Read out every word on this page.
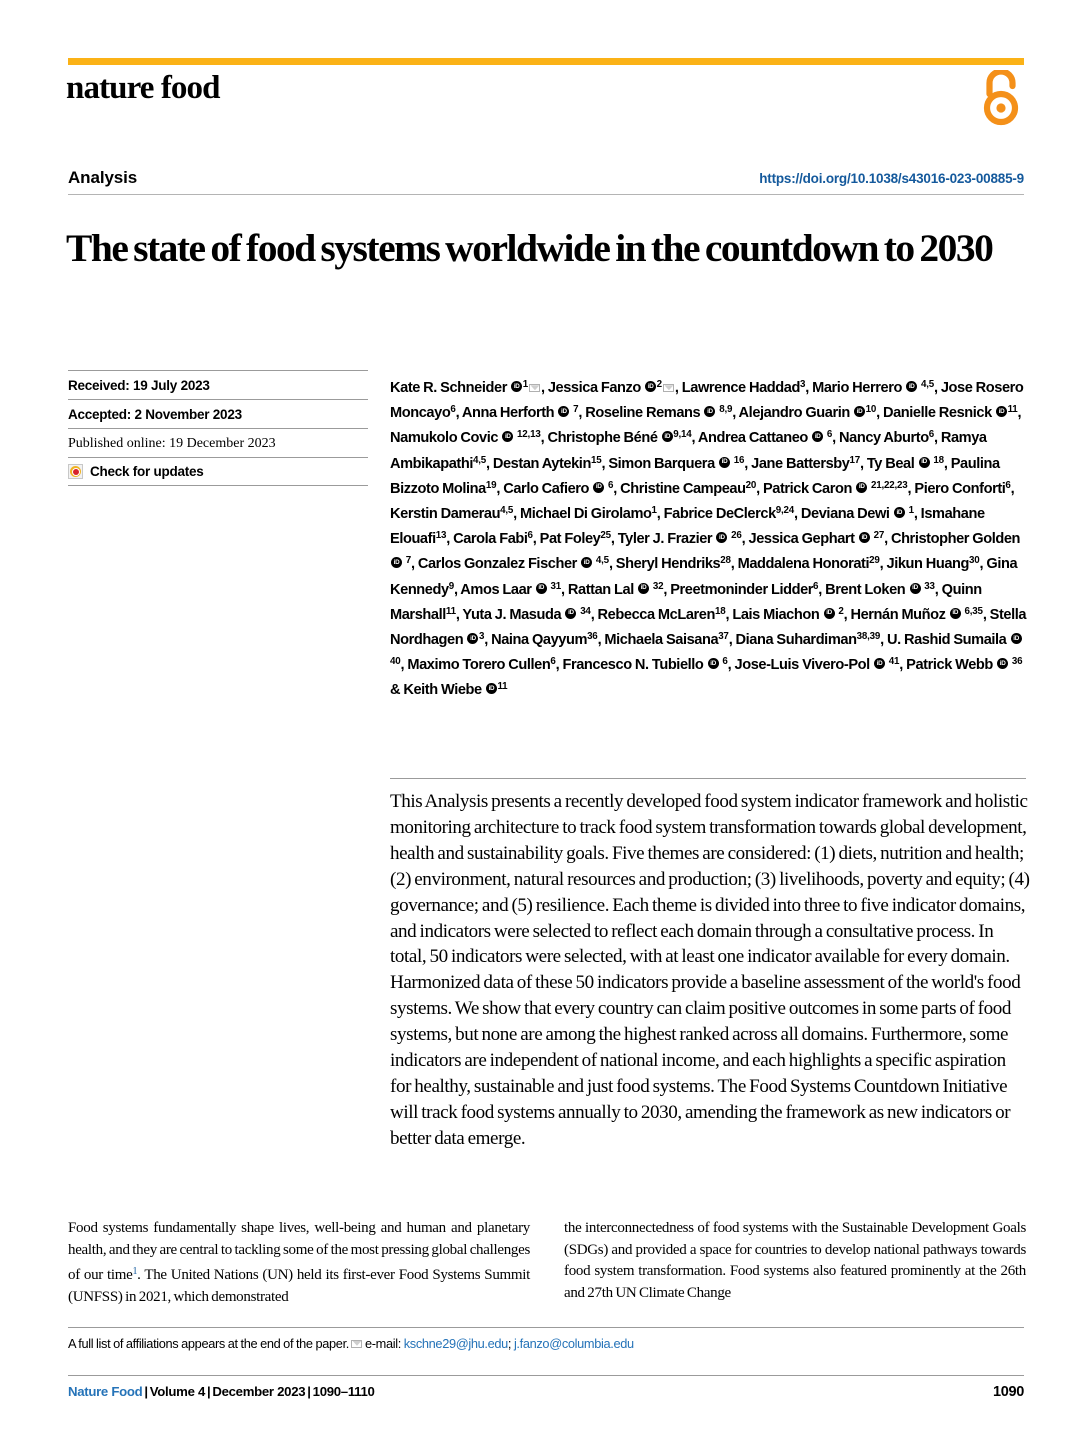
nature food
Analysis	https://doi.org/10.1038/s43016-023-00885-9
The state of food systems worldwide in the countdown to 2030
Received: 19 July 2023
Accepted: 2 November 2023
Published online: 19 December 2023
Check for updates
Kate R. Schneider $iD^1$ , Jessica Fanzo $iD^2$ , Lawrence Haddad$^3$, Mario Herrero iD $^{4,5}$, Jose Rosero Moncayo$^6$, Anna Herforth iD $^7$, Roseline Remans iD $^{8,9}$, Alejandro Guarin $iD^{10}$, Danielle Resnick $iD^{11}$, Namukolo Covic iD $^{12,13}$, Christophe Béné iD$^{9,14}$, Andrea Cattaneo iD $^6$, Nancy Aburto$^6$, Ramya Ambikapathi$^{4,5}$, Destan Aytekin$^{15}$, Simon Barquera iD $^{16}$, Jane Battersby$^{17}$, Ty Beal iD $^{18}$, Paulina Bizzoto Molina$^{19}$, Carlo Cafiero iD $^6$, Christine Campeau$^{20}$, Patrick Caron iD $^{21,22,23}$, Piero Conforti$^6$, Kerstin Damerau$^{4,5}$, Michael Di Girolamo$^1$, Fabrice DeClerck$^{9,24}$, Deviana Dewi iD $^1$, Ismahane Elouafi$^{13}$, Carola Fabi$^6$, Pat Foley$^{25}$, Tyler J. Frazier iD $^{26}$, Jessica Gephart iD $^{27}$, Christopher Golden iD $^7$, Carlos Gonzalez Fischer iD $^{4,5}$, Sheryl Hendriks$^{28}$, Maddalena Honorati$^{29}$, Jikun Huang$^{30}$, Gina Kennedy$^9$, Amos Laar iD $^{31}$, Rattan Lal iD $^{32}$, Preetmoninder Lidder$^6$, Brent Loken iD $^{33}$, Quinn Marshall$^{11}$, Yuta J. Masuda iD $^{34}$, Rebecca McLaren$^{18}$, Lais Miachon iD $^2$, Hernán Muñoz iD $^{6,35}$, Stella Nordhagen $iD^3$, Naina Qayyum$^{36}$, Michaela Saisana$^{37}$, Diana Suhardiman$^{38,39}$, U. Rashid Sumaila iD $^{40}$, Maximo Torero Cullen$^6$, Francesco N. Tubiello iD $^6$, Jose-Luis Vivero-Pol iD $^{41}$, Patrick Webb iD $^{36}$ & Keith Wiebe $iD^{11}$
This Analysis presents a recently developed food system indicator framework and holistic monitoring architecture to track food system transformation towards global development, health and sustainability goals. Five themes are considered: (1) diets, nutrition and health; (2) environment, natural resources and production; (3) livelihoods, poverty and equity; (4) governance; and (5) resilience. Each theme is divided into three to five indicator domains, and indicators were selected to reflect each domain through a consultative process. In total, 50 indicators were selected, with at least one indicator available for every domain. Harmonized data of these 50 indicators provide a baseline assessment of the world's food systems. We show that every country can claim positive outcomes in some parts of food systems, but none are among the highest ranked across all domains. Furthermore, some indicators are independent of national income, and each highlights a specific aspiration for healthy, sustainable and just food systems. The Food Systems Countdown Initiative will track food systems annually to 2030, amending the framework as new indicators or better data emerge.
Food systems fundamentally shape lives, well-being and human and planetary health, and they are central to tackling some of the most pressing global challenges of our time$^1$. The United Nations (UN) held its first-ever Food Systems Summit (UNFSS) in 2021, which demonstrated
the interconnectedness of food systems with the Sustainable Development Goals (SDGs) and provided a space for countries to develop national pathways towards food system transformation. Food systems also featured prominently at the 26th and 27th UN Climate Change
A full list of affiliations appears at the end of the paper. e-mail:
kschne29@jhu.edu ;
j.fanzo@columbia.edu
Nature Food | Volume 4 | December 2023 | 1090–1110	1090
